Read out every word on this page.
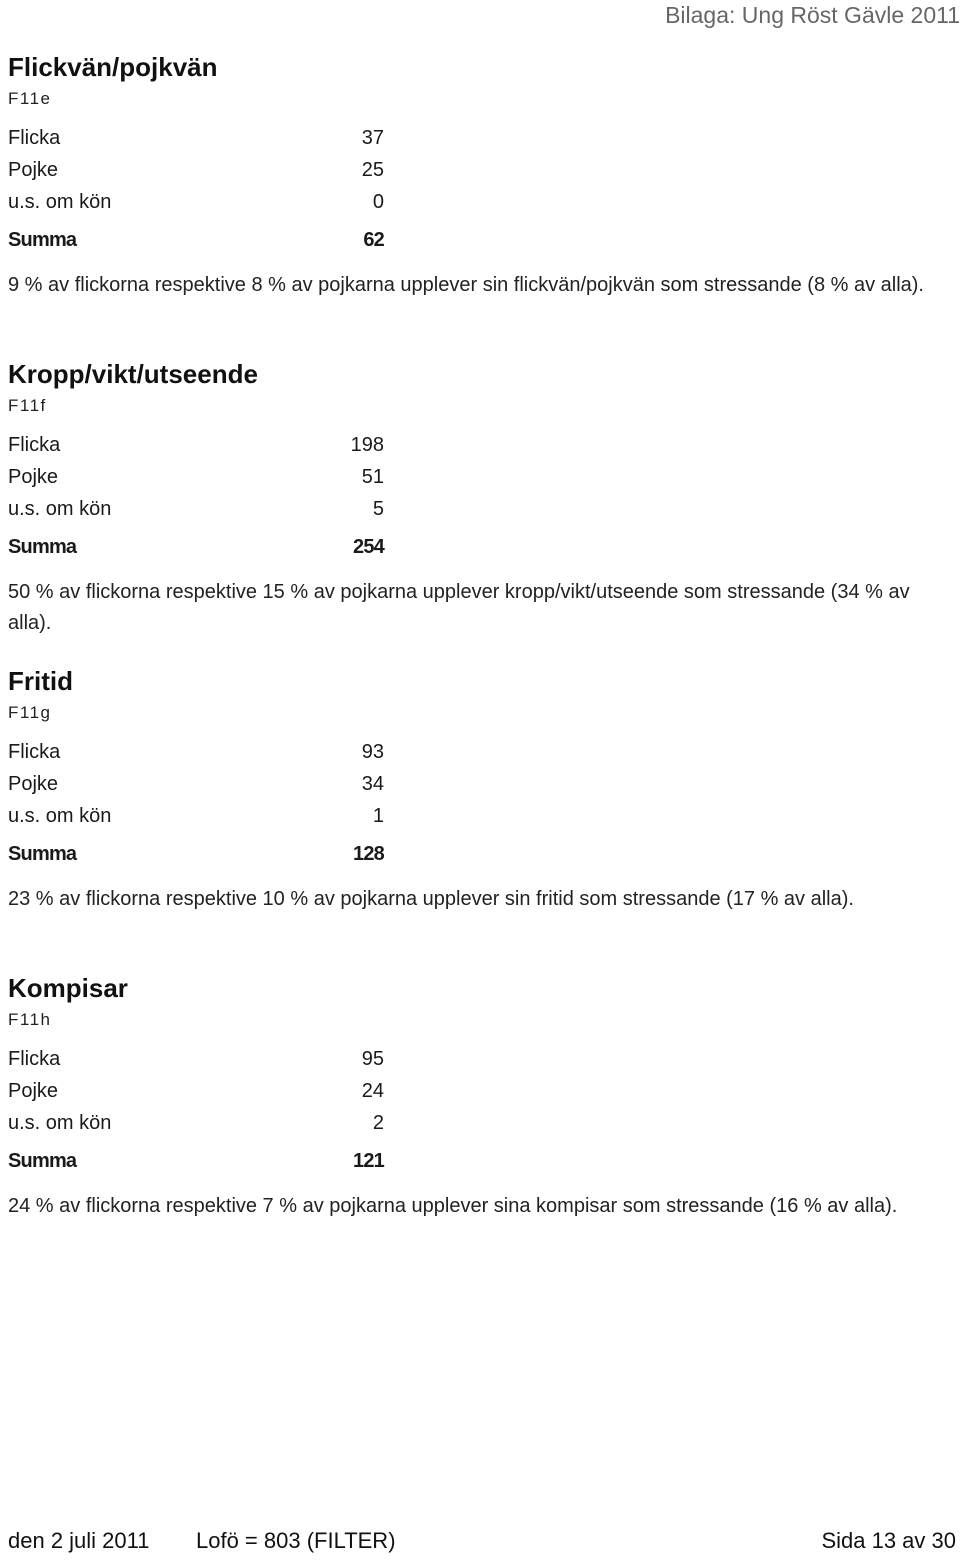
Bilaga: Ung Röst Gävle 2011
Flickvän/pojkvän
F11e
Flicka	37
Pojke	25
u.s. om kön	0
Summa	62

9 % av flickorna respektive 8 % av pojkarna upplever sin flickvän/pojkvän som stressande (8 % av alla).

Kropp/vikt/utseende
F11f
Flicka	198
Pojke	51
u.s. om kön	5
Summa	254

50 % av flickorna respektive 15 % av pojkarna upplever kropp/vikt/utseende som stressande (34 % av alla).

Fritid
F11g
Flicka	93
Pojke	34
u.s. om kön	1
Summa	128

23 % av flickorna respektive 10 % av pojkarna upplever sin fritid som stressande (17 % av alla).

Kompisar
F11h
Flicka	95
Pojke	24
u.s. om kön	2
Summa	121

24 % av flickorna respektive 7 % av pojkarna upplever sina kompisar som stressande (16 % av alla).

den 2 juli 2011 Lofö = 803 (FILTER)	Sida 13 av 30
